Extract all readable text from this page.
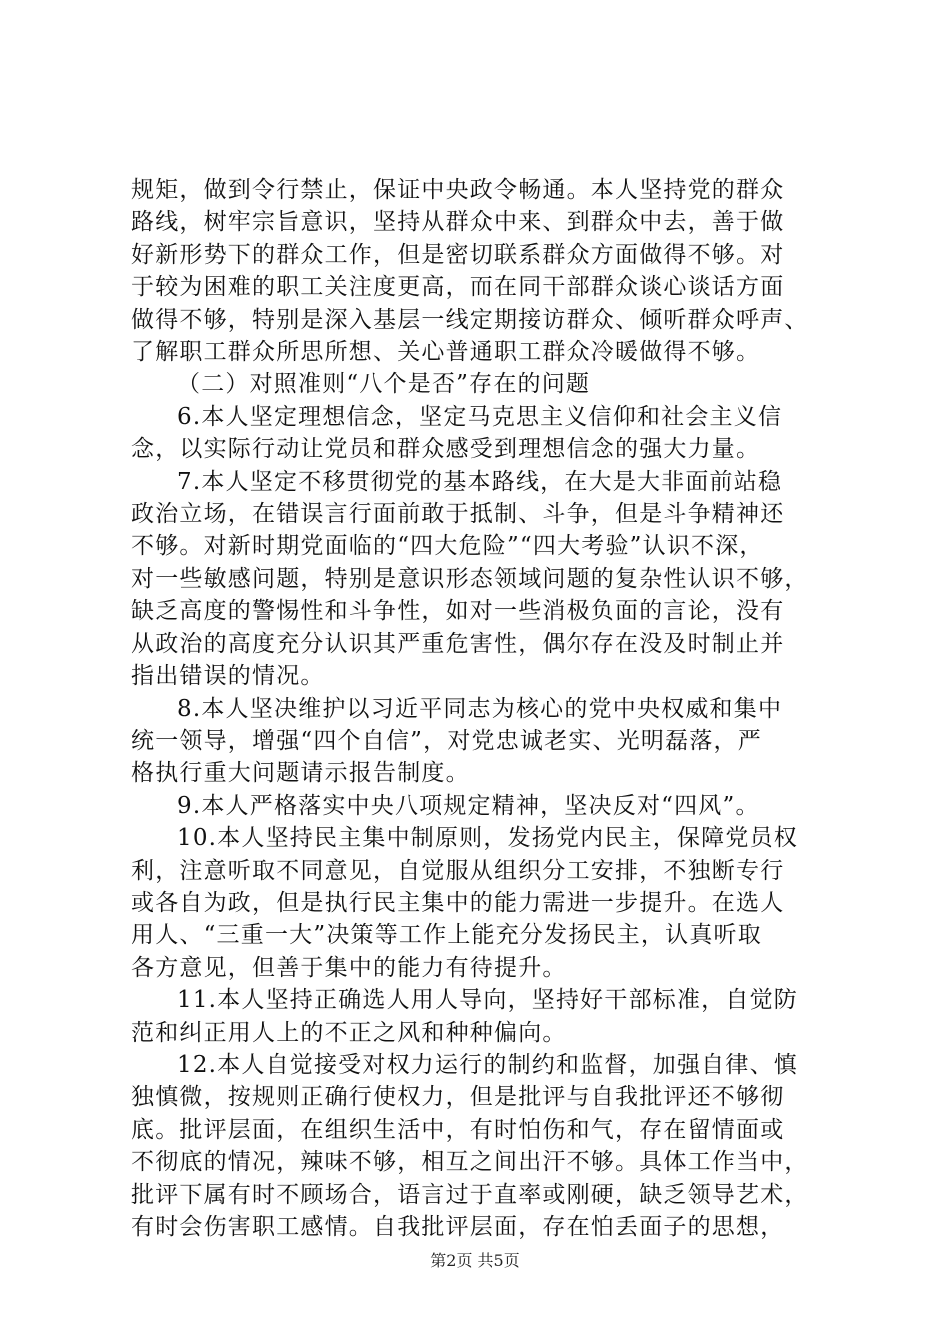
规矩，做到令行禁止，保证中央政令畅通。本人坚持党的群众
路线，树牢宗旨意识，坚持从群众中来、到群众中去，善于做
好新形势下的群众工作，但是密切联系群众方面做得不够。对
于较为困难的职工关注度更高，而在同干部群众谈心谈话方面
做得不够，特别是深入基层一线定期接访群众、倾听群众呼声、
了解职工群众所思所想、关心普通职工群众冷暖做得不够。
（二）对照准则“八个是否”存在的问题
6.本人坚定理想信念，坚定马克思主义信仰和社会主义信
念，以实际行动让党员和群众感受到理想信念的强大力量。
7.本人坚定不移贯彻党的基本路线，在大是大非面前站稳
政治立场，在错误言行面前敢于抵制、斗争，但是斗争精神还
不够。对新时期党面临的“四大危险”“四大考验”认识不深，
对一些敏感问题，特别是意识形态领域问题的复杂性认识不够，
缺乏高度的警惕性和斗争性，如对一些消极负面的言论，没有
从政治的高度充分认识其严重危害性，偶尔存在没及时制止并
指出错误的情况。
8.本人坚决维护以习近平同志为核心的党中央权威和集中
统一领导，增强“四个自信”，对党忠诚老实、光明磊落，严
格执行重大问题请示报告制度。
9.本人严格落实中央八项规定精神，坚决反对“四风”。
10.本人坚持民主集中制原则，发扬党内民主，保障党员权
利，注意听取不同意见，自觉服从组织分工安排，不独断专行
或各自为政，但是执行民主集中的能力需进一步提升。在选人
用人、“三重一大”决策等工作上能充分发扬民主，认真听取
各方意见，但善于集中的能力有待提升。
11.本人坚持正确选人用人导向，坚持好干部标准，自觉防
范和纠正用人上的不正之风和种种偏向。
12.本人自觉接受对权力运行的制约和监督，加强自律、慎
独慎微，按规则正确行使权力，但是批评与自我批评还不够彻
底。批评层面，在组织生活中，有时怕伤和气，存在留情面或
不彻底的情况，辣味不够，相互之间出汗不够。具体工作当中，
批评下属有时不顾场合，语言过于直率或刚硬，缺乏领导艺术，
有时会伤害职工感情。自我批评层面，存在怕丢面子的思想，
第2页 共5页
